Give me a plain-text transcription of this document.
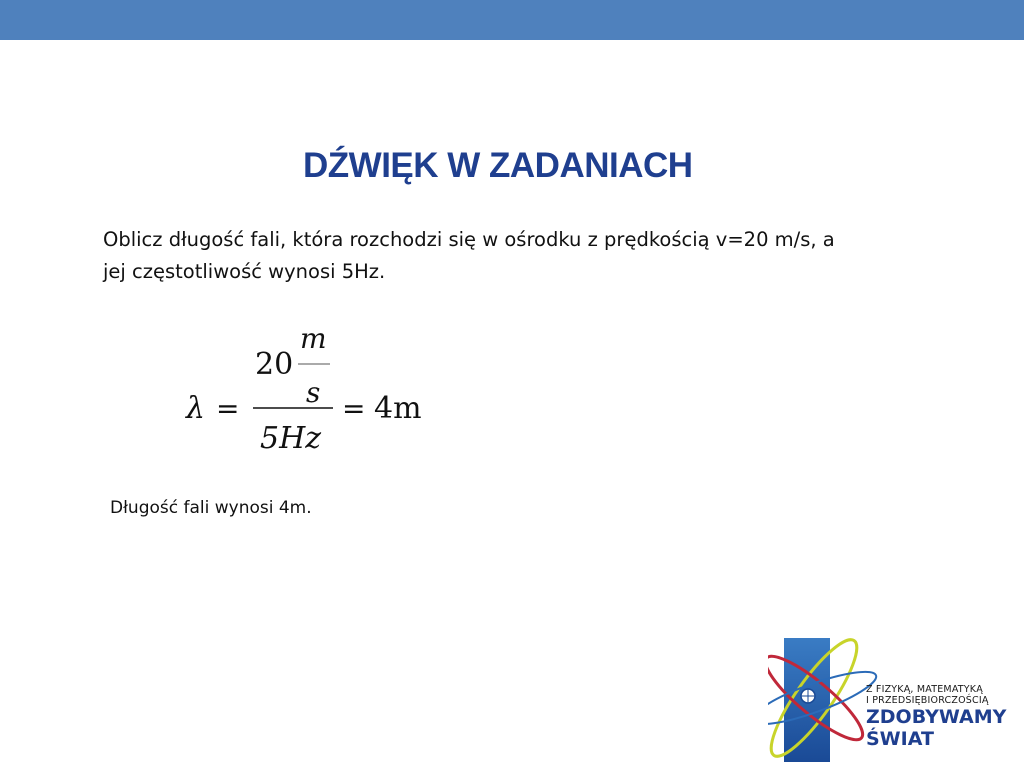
DŹWIĘK W ZADANIACH

Oblicz długość fali, która rozchodzi się w ośrodku z prędkością v=20 m/s, a
jej częstotliwość wynosi 5Hz.

λ =
20
m
s
5Hz
= 4m

Długość fali wynosi 4m.

Z FIZYKĄ, MATEMATYKĄ
I PRZEDSIĘBIORCZOŚCIĄ
ZDOBYWAMY
ŚWIAT
